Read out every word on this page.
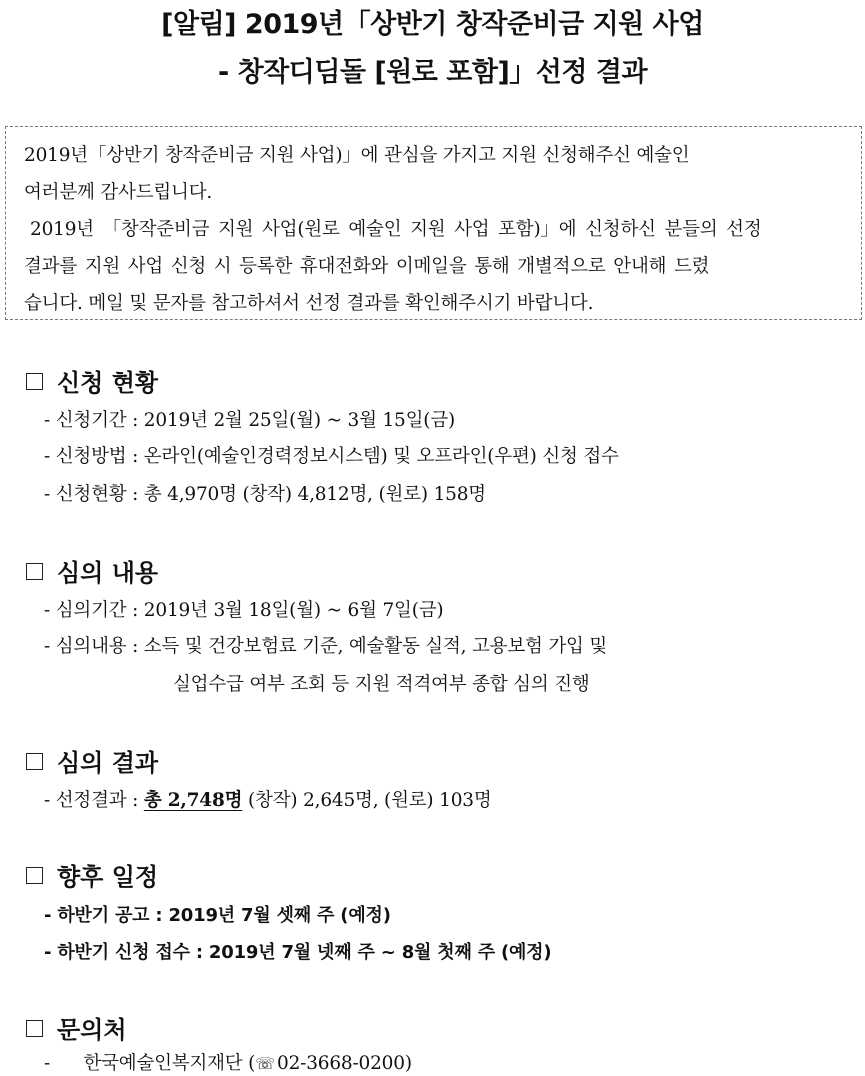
[알림] 2019년「상반기 창작준비금 지원 사업
- 창작디딤돌 [원로 포함]」선정 결과
2019년「상반기 창작준비금 지원 사업)」에 관심을 가지고 지원 신청해주신 예술인
여러분께 감사드립니다.
2019년 「창작준비금 지원 사업(원로 예술인 지원 사업 포함)」에 신청하신 분들의 선정
결과를 지원 사업 신청 시 등록한 휴대전화와 이메일을 통해 개별적으로 안내해 드렸
습니다. 메일 및 문자를 참고하셔서 선정 결과를 확인해주시기 바랍니다.
신청 현황
- 신청기간 : 2019년 2월 25일(월) ~ 3월 15일(금)
- 신청방법 : 온라인(예술인경력정보시스템) 및 오프라인(우편) 신청 접수
- 신청현황 : 총 4,970명 (창작) 4,812명, (원로) 158명
심의 내용
- 심의기간 : 2019년 3월 18일(월) ~ 6월 7일(금)
- 심의내용 : 소득 및 건강보험료 기준, 예술활동 실적, 고용보험 가입 및
실업수급 여부 조회 등 지원 적격여부 종합 심의 진행
심의 결과
- 선정결과 : 총 2,748명 (창작) 2,645명, (원로) 103명
향후 일정
- 하반기 공고 : 2019년 7월 셋째 주 (예정)
- 하반기 신청 접수 : 2019년 7월 넷째 주 ~ 8월 첫째 주 (예정)
문의처
- 한국예술인복지재단 (☏ 02-3668-0200)
